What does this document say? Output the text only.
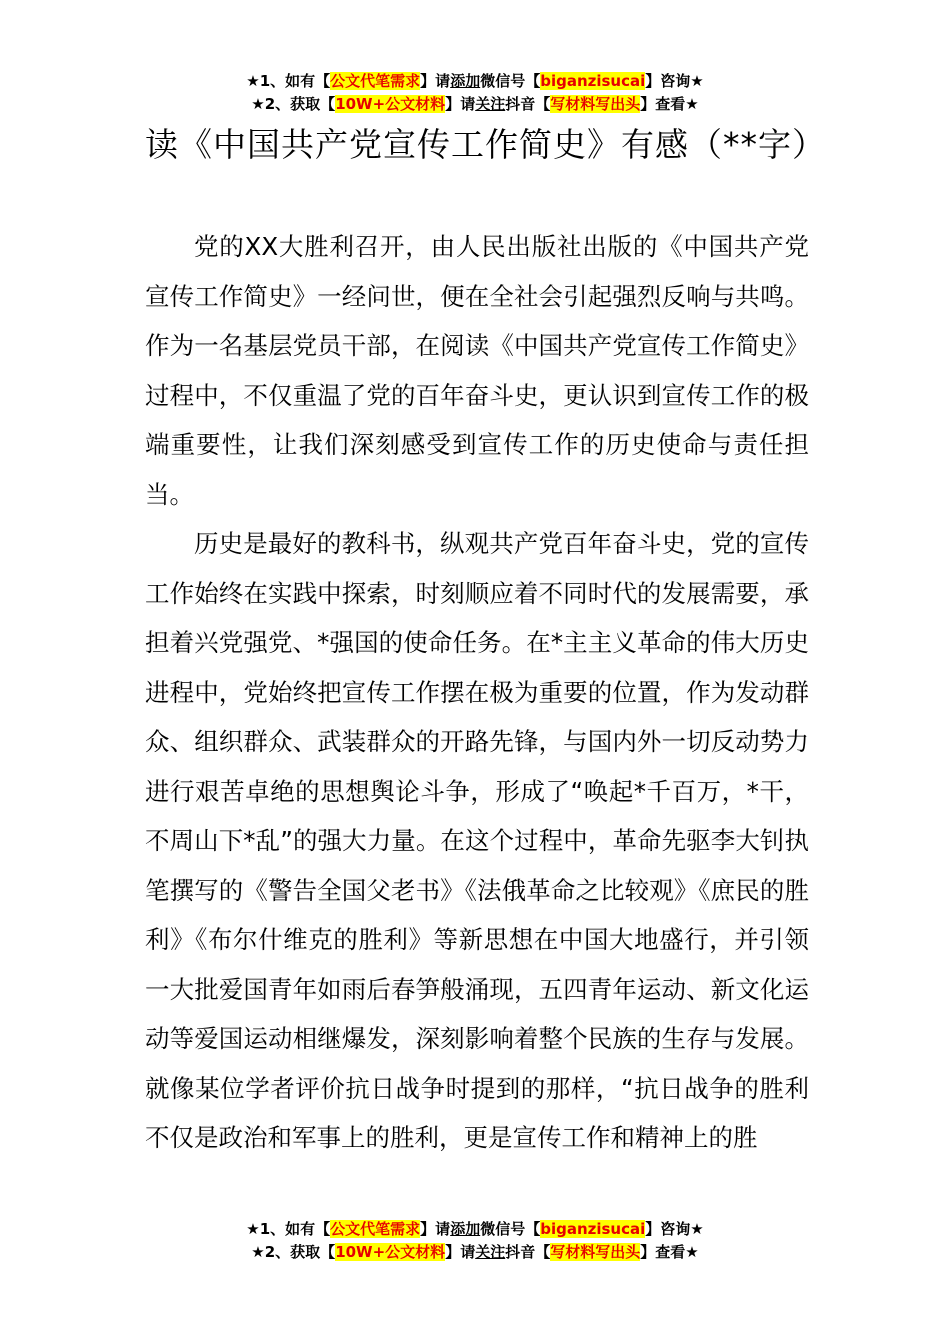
★1、如有【公文代笔需求】请添加微信号【biganzisucai】咨询★
★2、获取【10W+公文材料】请关注抖音【写材料写出头】查看★
读《中国共产党宣传工作简史》有感（**字）

党的XX大胜利召开，由人民出版社出版的《中国共产党宣传工作简史》一经问世，便在全社会引起强烈反响与共鸣。作为一名基层党员干部，在阅读《中国共产党宣传工作简史》过程中，不仅重温了党的百年奋斗史，更认识到宣传工作的极端重要性，让我们深刻感受到宣传工作的历史使命与责任担当。

历史是最好的教科书，纵观共产党百年奋斗史，党的宣传工作始终在实践中探索，时刻顺应着不同时代的发展需要，承担着兴党强党、*强国的使命任务。在*主主义革命的伟大历史进程中，党始终把宣传工作摆在极为重要的位置，作为发动群众、组织群众、武装群众的开路先锋，与国内外一切反动势力进行艰苦卓绝的思想舆论斗争，形成了“唤起*千百万，*干，不周山下*乱”的强大力量。在这个过程中，革命先驱李大钊执笔撰写的《警告全国父老书》《法俄革命之比较观》《庶民的胜利》《布尔什维克的胜利》等新思想在中国大地盛行，并引领一大批爱国青年如雨后春笋般涌现，五四青年运动、新文化运动等爱国运动相继爆发，深刻影响着整个民族的生存与发展。就像某位学者评价抗日战争时提到的那样，“抗日战争的胜利不仅是政治和军事上的胜利，更是宣传工作和精神上的胜

★1、如有【公文代笔需求】请添加微信号【biganzisucai】咨询★
★2、获取【10W+公文材料】请关注抖音【写材料写出头】查看★
